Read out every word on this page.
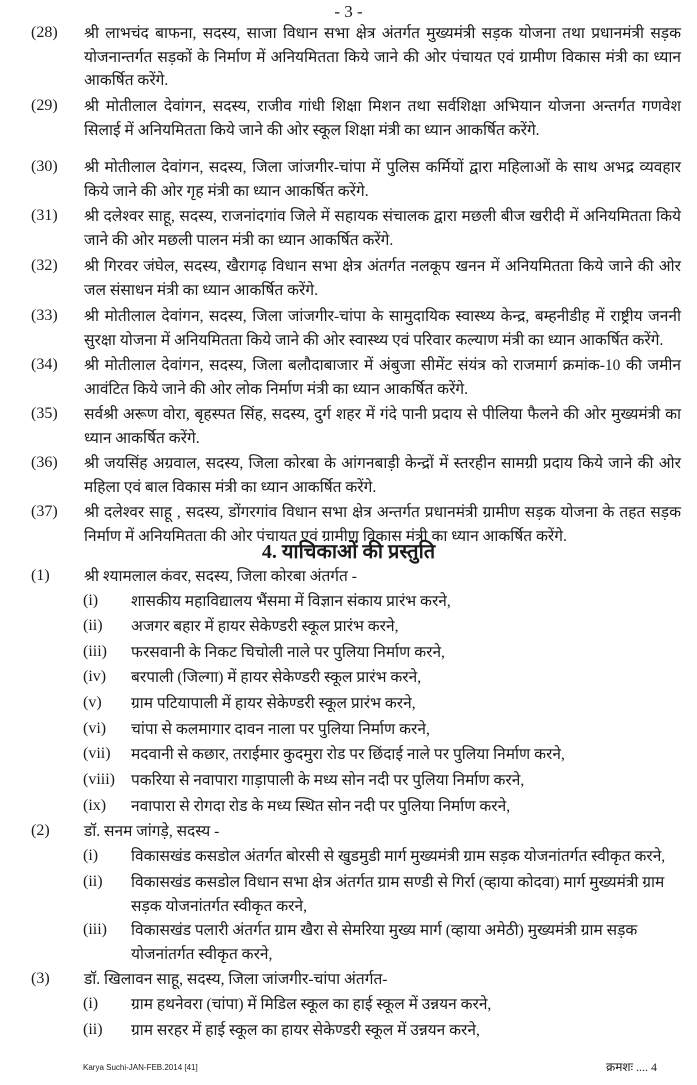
- 3 -
(28) श्री लाभचंद बाफना, सदस्य, साजा विधान सभा क्षेत्र अंतर्गत मुख्यमंत्री सड़क योजना तथा प्रधानमंत्री सड़क योजनान्तर्गत सड़कों के निर्माण में अनियमितता किये जाने की ओर पंचायत एवं ग्रामीण विकास मंत्री का ध्यान आकर्षित करेंगे.
(29) श्री मोतीलाल देवांगन, सदस्य, राजीव गांधी शिक्षा मिशन तथा सर्वशिक्षा अभियान योजना अन्तर्गत गणवेश सिलाई में अनियमितता किये जाने की ओर स्कूल शिक्षा मंत्री का ध्यान आकर्षित करेंगे.
(30) श्री मोतीलाल देवांगन, सदस्य, जिला जांजगीर-चांपा में पुलिस कर्मियों द्वारा महिलाओं के साथ अभद्र व्यवहार किये जाने की ओर गृह मंत्री का ध्यान आकर्षित करेंगे.
(31) श्री दलेश्वर साहू, सदस्य, राजनांदगांव जिले में सहायक संचालक द्वारा मछली बीज खरीदी में अनियमितता किये जाने की ओर मछली पालन मंत्री का ध्यान आकर्षित करेंगे.
(32) श्री गिरवर जंघेल, सदस्य, खैरागढ़ विधान सभा क्षेत्र अंतर्गत नलकूप खनन में अनियमितता किये जाने की ओर जल संसाधन मंत्री का ध्यान आकर्षित करेंगे.
(33) श्री मोतीलाल देवांगन, सदस्य, जिला जांजगीर-चांपा के सामुदायिक स्वास्थ्य केन्द्र, बम्हनीडीह में राष्ट्रीय जननी सुरक्षा योजना में अनियमितता किये जाने की ओर स्वास्थ्य एवं परिवार कल्याण मंत्री का ध्यान आकर्षित करेंगे.
(34) श्री मोतीलाल देवांगन, सदस्य, जिला बलौदाबाजार में अंबुजा सीमेंट संयंत्र को राजमार्ग क्रमांक-10 की जमीन आवंटित किये जाने की ओर लोक निर्माण मंत्री का ध्यान आकर्षित करेंगे.
(35) सर्वश्री अरूण वोरा, बृहस्पत सिंह, सदस्य, दुर्ग शहर में गंदे पानी प्रदाय से पीलिया फैलने की ओर मुख्यमंत्री का ध्यान आकर्षित करेंगे.
(36) श्री जयसिंह अग्रवाल, सदस्य, जिला कोरबा के आंगनबाड़ी केन्द्रों में स्तरहीन सामग्री प्रदाय किये जाने की ओर महिला एवं बाल विकास मंत्री का ध्यान आकर्षित करेंगे.
(37) श्री दलेश्वर साहू , सदस्य, डोंगरगांव विधान सभा क्षेत्र अन्तर्गत प्रधानमंत्री ग्रामीण सड़क योजना के तहत सड़क निर्माण में अनियमितता की ओर पंचायत एवं ग्रामीण विकास मंत्री का ध्यान आकर्षित करेंगे.
4. याचिकाओं की प्रस्तुति
(1) श्री श्यामलाल कंवर, सदस्य, जिला कोरबा अंतर्गत -
(i) शासकीय महाविद्यालय भैंसमा में विज्ञान संकाय प्रारंभ करने,
(ii) अजगर बहार में हायर सेकेण्डरी स्कूल प्रारंभ करने,
(iii) फरसवानी के निकट चिचोली नाले पर पुलिया निर्माण करने,
(iv) बरपाली (जिल्गा) में हायर सेकेण्डरी स्कूल प्रारंभ करने,
(v) ग्राम पटियापाली में हायर सेकेण्डरी स्कूल प्रारंभ करने,
(vi) चांपा से कलमागार दावन नाला पर पुलिया निर्माण करने,
(vii) मदवानी से कछार, तराईमार कुदमुरा रोड पर छिंदाई नाले पर पुलिया निर्माण करने,
(viii) पकरिया से नवापारा गाड़ापाली के मध्य सोन नदी पर पुलिया निर्माण करने,
(ix) नवापारा से रोगदा रोड के मध्य स्थित सोन नदी पर पुलिया निर्माण करने,
(2) डॉ. सनम जांगड़े, सदस्य -
(i) विकासखंड कसडोल अंतर्गत बोरसी से खुडमुडी मार्ग मुख्यमंत्री ग्राम सड़क योजनांतर्गत स्वीकृत करने,
(ii) विकासखंड कसडोल विधान सभा क्षेत्र अंतर्गत ग्राम सण्डी से गिर्रा (व्हाया कोदवा) मार्ग मुख्यमंत्री ग्राम सड़क योजनांतर्गत स्वीकृत करने,
(iii) विकासखंड पलारी अंतर्गत ग्राम खैरा से सेमरिया मुख्य मार्ग (व्हाया अमेठी) मुख्यमंत्री ग्राम सड़क योजनांतर्गत स्वीकृत करने,
(3) डॉ. खिलावन साहू, सदस्य, जिला जांजगीर-चांपा अंतर्गत-
(i) ग्राम हथनेवरा (चांपा) में मिडिल स्कूल का हाई स्कूल में उन्नयन करने,
(ii) ग्राम सरहर में हाई स्कूल का हायर सेकेण्डरी स्कूल में उन्नयन करने,
Karya Suchi-JAN-FEB.2014 [41]	क्रमशः .... 4
